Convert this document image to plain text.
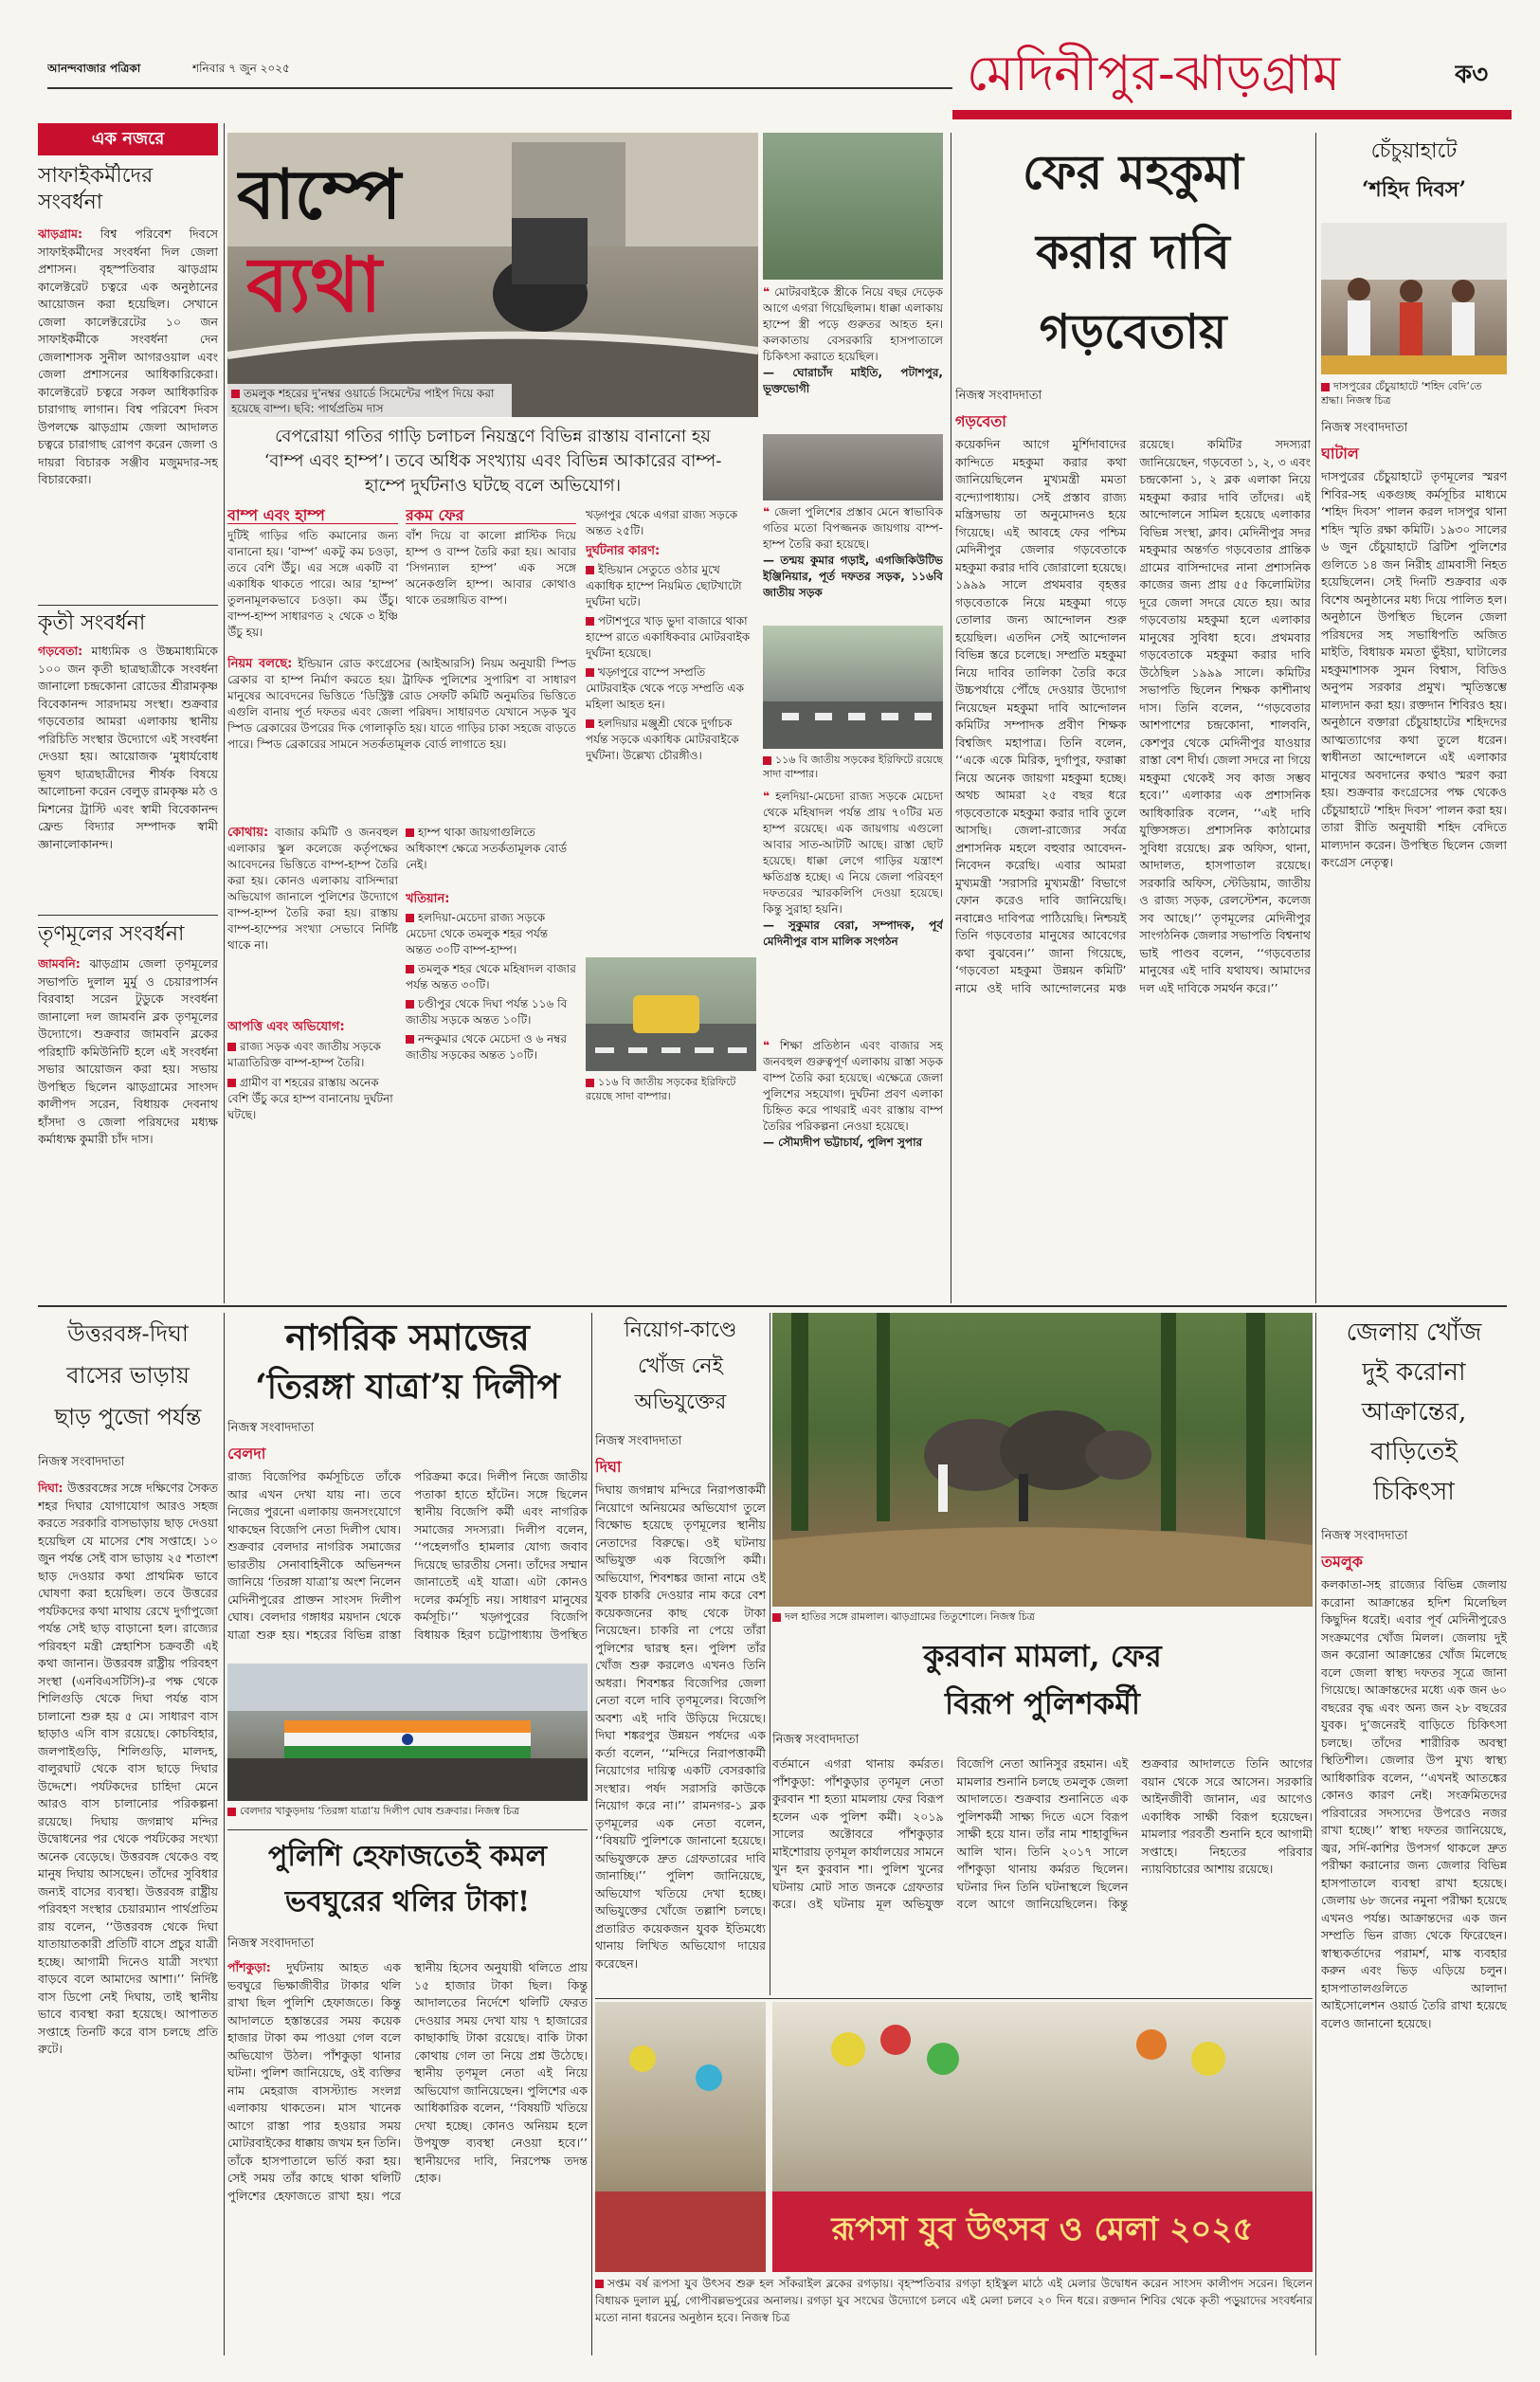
আনন্দবাজার পত্রিকা	শনিবার ৭ জুন ২০২৫	মেদিনীপুর-ঝাড়গ্রাম	ক৩
এক নজরে
সাফাইকর্মীদের সংবর্ধনা
ঝাড়গ্রাম: বিশ্ব পরিবেশ দিবসে সাফাইকর্মীদের সংবর্ধনা দিল জেলা প্রশাসন। বৃহস্পতিবার ঝাড়গ্রাম কালেক্টরেট চত্বরে এক অনুষ্ঠানের আয়োজন করা হয়েছিল। সেখানে জেলা কালেক্টরেটের ১০ জন সাফাইকর্মীকে সংবর্ধনা দেন জেলাশাসক সুনীল আগরওয়াল এবং জেলা প্রশাসনের আধিকারিকেরা। কালেক্টরেট চত্বরে সকল আধিকারিক চারাগাছ লাগান। বিশ্ব পরিবেশ দিবস উপলক্ষে ঝাড়গ্রাম জেলা আদালত চত্বরে চারাগাছ রোপণ করেন জেলা ও দায়রা বিচারক সঞ্জীব মজুমদার-সহ বিচারকেরা।
কৃতী সংবর্ধনা
গড়বেতা: মাধ্যমিক ও উচ্চমাধ্যমিকে ১০০ জন কৃতী ছাত্রছাত্রীকে সংবর্ধনা জানালো চন্দ্রকোনা রোডের শ্রীরামকৃষ্ণ বিবেকানন্দ সারদাময় সংস্থা। শুক্রবার গড়বেতার আমরা এলাকায় স্থানীয় পরিচিতি সংস্থার উদ্যোগে এই সংবর্ধনা দেওয়া হয়। আয়োজক ‘মুধার্যবোধ ভূষণ ছাত্রছাত্রীদের শীর্ষক বিষয়ে আলোচনা করেন বেলুড় রামকৃষ্ণ মঠ ও মিশনের ট্রাস্টি এবং স্বামী বিবেকানন্দ ফ্রেন্ড বিদ্যার সম্পাদক স্বামী জ্ঞানালোকানন্দ।
তৃণমূলের সংবর্ধনা
জামবনি: ঝাড়গ্রাম জেলা তৃণমূলের সভাপতি দুলাল মুর্মু ও চেয়ারপার্সন বিরবাহা সরেন টুডুকে সংবর্ধনা জানালো দল জামবনি ব্লক তৃণমূলের উদ্যোগে। শুক্রবার জামবনি ব্লকের পরিহাটি কমিউনিটি হলে এই সংবর্ধনা সভার আয়োজন করা হয়। সভায় উপস্থিত ছিলেন ঝাড়গ্রামের সাংসদ কালীপদ সরেন, বিধায়ক দেবনাথ হাঁসদা ও জেলা পরিষদের মধ্যক্ষ কর্মাধ্যক্ষ কুমারী চাঁদ দাস।
বাম্পে
ব্যথা
তমলুক শহরের দু'নম্বর ওয়ার্ডে সিমেন্টের পাইপ দিয়ে করা হয়েছে বাম্প। ছবি: পার্থপ্রতিম দাস
❝ মোটরবাইকে স্ত্রীকে নিয়ে বছর দেড়েক আগে এগরা গিয়েছিলাম। ধাক্কা এলাকায় হাম্পে স্ত্রী পড়ে গুরুতর আহত হন। কলকাতায় বেসরকারি হাসপাতালে চিকিৎসা করাতে হয়েছিল।
— ঘোরাচাঁদ মাইতি, পটাশপুর, ভূক্তভোগী
❝ জেলা পুলিশের প্রস্তাব মেনে স্বাভাবিক গতির মতো বিপজ্জনক জায়গায় বাম্প-হাম্প তৈরি করা হয়েছে।
— তন্ময় কুমার গড়াই, এগজিকিউটিভ ইঞ্জিনিয়ার, পূর্ত দফতর সড়ক, ১১৬বি জাতীয় সড়ক
১১৬ বি জাতীয় সড়কের ইরিফিটে রয়েছে সাদা বাম্পার।
❝ হলদিয়া-মেচেদা রাজ্য সড়কে মেচেদা থেকে মহিষাদল পর্যন্ত প্রায় ৭০টির মত হাম্প রয়েছে। এক জায়গায় এগুলো আবার সাত-আটটি আছে। রাস্তা ছোট হয়েছে। ধাক্কা লেগে গাড়ির যন্ত্রাংশ ক্ষতিগ্রস্ত হচ্ছে। এ নিয়ে জেলা পরিবহণ দফতরের স্মারকলিপি দেওয়া হয়েছে। কিন্তু সুরাহা হয়নি।
— সুকুমার বেরা, সম্পাদক, পূর্ব মেদিনীপুর বাস মালিক সংগঠন
❝ শিক্ষা প্রতিষ্ঠান এবং বাজার সহ জনবহুল গুরুত্বপূর্ণ এলাকায় রাস্তা সড়ক বাম্প তৈরি করা হয়েছে। এক্ষেত্রে জেলা পুলিশের সহযোগ। দুর্ঘটনা প্রবণ এলাকা চিহ্নিত করে পাথরাই এবং রাস্তায় বাম্প তৈরির পরিকল্পনা নেওয়া হয়েছে।
— সৌম্যদীপ ভট্টাচার্য, পুলিশ সুপার
বেপরোয়া গতির গাড়ি চলাচল নিয়ন্ত্রণে বিভিন্ন রাস্তায় বানানো হয় ‘বাম্প এবং হাম্প’। তবে অধিক সংখ্যায় এবং বিভিন্ন আকারের বাম্প-হাম্পে দুর্ঘটনাও ঘটছে বলে অভিযোগ।
বাম্প এবং হাম্প
দুটিই গাড়ির গতি কমানোর জন্য বানানো হয়। ‘বাম্প’ একটু কম চওড়া, তবে বেশি উঁচু। এর সঙ্গে একটি বা একাধিক থাকতে পারে। আর ‘হাম্প’ তুলনামূলকভাবে চওড়া। কম উঁচু। বাম্প-হাম্প সাধারণত ২ থেকে ৩ ইঞ্চি উঁচু হয়।
রকম ফের
বাঁশ দিয়ে বা কালো প্লাস্টিক দিয়ে হাম্প ও বাম্প তৈরি করা হয়। আবার ‘সিগন্যাল হাম্প’ এক সঙ্গে অনেকগুলি হাম্প। আবার কোথাও থাকে তরঙ্গায়িত বাম্প।
নিয়ম বলছে: ইন্ডিয়ান রোড কংগ্রেসের (আইআরসি) নিয়ম অনুযায়ী স্পিড ব্রেকার বা হাম্প নির্মাণ করতে হয়। ট্রাফিক পুলিশের সুপারিশ বা সাধারণ মানুষের আবেদনের ভিত্তিতে ‘ডিস্ট্রিক্ট রোড সেফটি কমিটি অনুমতির ভিত্তিতে এগুলি বানায় পূর্ত দফতর এবং জেলা পরিষদ। সাধারণত যেখানে সড়ক খুব স্পিড ব্রেকারের উপরের দিক গোলাকৃতি হয়। যাতে গাড়ির চাকা সহজে বাড়তে পারে। স্পিড ব্রেকারের সামনে সতর্কতামূলক বোর্ড লাগাতে হয়।
কোথায়: বাজার কমিটি ও জনবহুল এলাকার স্কুল কলেজে কর্তৃপক্ষের আবেদনের ভিত্তিতে বাম্প-হাম্প তৈরি করা হয়। কোনও এলাকায় বাসিন্দারা অভিযোগ জানালে পুলিশের উদ্যোগে বাম্প-হাম্প তৈরি করা হয়। রাস্তায় বাম্প-হাম্পের সংখ্যা সেভাবে নির্দিষ্ট থাকে না।
আপত্তি এবং অভিযোগ:
রাজ্য সড়ক এবং জাতীয় সড়কে মাত্রাতিরিক্ত বাম্প-হাম্প তৈরি।
গ্রামীণ বা শহরের রাস্তায় অনেক বেশি উঁচু করে হাম্প বানানোয় দুর্ঘটনা ঘটছে।
হাম্প থাকা জায়গাগুলিতে অধিকাংশ ক্ষেত্রে সতর্কতামূলক বোর্ড নেই।
খতিয়ান:
হলদিয়া-মেচেদা রাজ্য সড়কে মেচেদা থেকে তমলুক শহর পর্যন্ত অন্তত ৩০টি বাম্প-হাম্প।
তমলুক শহর থেকে মহিষাদল বাজার পর্যন্ত অন্তত ৩০টি।
চণ্ডীপুর থেকে দিঘা পর্যন্ত ১১৬ বি জাতীয় সড়কে অন্তত ১০টি।
নন্দকুমার থেকে মেচেদা ও ৬ নম্বর জাতীয় সড়কের অন্তত ১০টি।
খড়্গপুর থেকে এগরা রাজ্য সড়কে অন্তত ২৫টি।
দুর্ঘটনার কারণ:
ইন্ডিয়ান সেতুতে ওঠার মুখে একাধিক হাম্পে নিয়মিত ছোটখাটো দুর্ঘটনা ঘটে।
পটাশপুরে খাড় ভুদা বাজারে থাকা হাম্পে রাতে একাধিকবার মোটরবাইক দুর্ঘটনা হয়েছে।
খড়্গপুরে বাম্পে সম্প্রতি মোটরবাইক থেকে পড়ে সম্প্রতি এক মহিলা আহত হন।
হলদিয়ার মঞ্জুশ্রী থেকে দুর্গাচক পর্যন্ত সড়কে একাধিক মোটরবাইকে দুর্ঘটনা। উল্লেখ্য চৌরঙ্গীও।
১১৬ বি জাতীয় সড়কের ইরিফিটে রয়েছে সাদা বাম্পার।
ফের মহকুমা
করার দাবি
গড়বেতায়
নিজস্ব সংবাদদাতা
গড়বেতা
কয়েকদিন আগে মুর্শিদাবাদের কান্দিতে মহকুমা করার কথা জানিয়েছিলেন মুখ্যমন্ত্রী মমতা বন্দ্যোপাধ্যায়। সেই প্রস্তাব রাজ্য মন্ত্রিসভায় তা অনুমোদনও হয়ে গিয়েছে। এই আবহে ফের পশ্চিম মেদিনীপুর জেলার গড়বেতাকে মহকুমা করার দাবি জোরালো হয়েছে। ১৯৯৯ সালে প্রথমবার বৃহত্তর গড়বেতাকে নিয়ে মহকুমা গড়ে তোলার জন্য আন্দোলন শুরু হয়েছিল। এতদিন সেই আন্দোলন বিভিন্ন স্তরে চলেছে। সম্প্রতি মহকুমা নিয়ে দাবির তালিকা তৈরি করে উচ্চপর্যায়ে পৌঁছে দেওয়ার উদ্যোগ নিয়েছেন মহকুমা দাবি আন্দোলন কমিটির সম্পাদক প্রবীণ শিক্ষক বিশ্বজিৎ মহাপাত্র। তিনি বলেন, ‘‘একে একে মিরিক, দুর্গাপুর, ফরাক্কা নিয়ে অনেক জায়গা মহকুমা হচ্ছে। অথচ আমরা ২৫ বছর ধরে গড়বেতাকে মহকুমা করার দাবি তুলে আসছি। জেলা-রাজ্যের সর্বত্র প্রশাসনিক মহলে বহুবার আবেদন-নিবেদন করেছি। এবার আমরা মুখ্যমন্ত্রী ‘সরাসরি মুখ্যমন্ত্রী’ বিভাগে ফোন করেও দাবি জানিয়েছি। নবান্নেও দাবিপত্র পাঠিয়েছি। নিশ্চয়ই তিনি গড়বেতার মানুষের আবেগের কথা বুঝবেন।’’ জানা গিয়েছে, ‘গড়বেতা মহকুমা উন্নয়ন কমিটি’ নামে ওই দাবি আন্দোলনের মঞ্চ রয়েছে। কমিটির সদস্যরা জানিয়েছেন, গড়বেতা ১, ২, ৩ এবং চন্দ্রকোনা ১, ২ ব্লক এলাকা নিয়ে মহকুমা করার দাবি তাঁদের। এই আন্দোলনে সামিল হয়েছে এলাকার বিভিন্ন সংস্থা, ক্লাব। মেদিনীপুর সদর মহকুমার অন্তর্গত গড়বেতার প্রান্তিক গ্রামের বাসিন্দাদের নানা প্রশাসনিক কাজের জন্য প্রায় ৫৫ কিলোমিটার দূরে জেলা সদরে যেতে হয়। আর গড়বেতায় মহকুমা হলে এলাকার মানুষের সুবিধা হবে। প্রথমবার গড়বেতাকে মহকুমা করার দাবি উঠেছিল ১৯৯৯ সালে। কমিটির সভাপতি ছিলেন শিক্ষক কাশীনাথ দাস। তিনি বলেন, ‘‘গড়বেতার আশপাশের চন্দ্রকোনা, শালবনি, কেশপুর থেকে মেদিনীপুর যাওয়ার রাস্তা বেশ দীর্ঘ। জেলা সদরে না গিয়ে মহকুমা থেকেই সব কাজ সম্ভব হবে।’’ এলাকার এক প্রশাসনিক আধিকারিক বলেন, ‘‘এই দাবি যুক্তিসঙ্গত। প্রশাসনিক কাঠামোর সুবিধা রয়েছে। ব্লক অফিস, থানা, আদালত, হাসপাতাল রয়েছে। সরকারি অফিস, স্টেডিয়াম, জাতীয় ও রাজ্য সড়ক, রেলস্টেশন, কলেজ সব আছে।’’ তৃণমূলের মেদিনীপুর সাংগঠনিক জেলার সভাপতি বিশ্বনাথ ভাই পাণ্ডব বলেন, ‘‘গড়বেতার মানুষের এই দাবি যথাযথ। আমাদের দল এই দাবিকে সমর্থন করে।’’
চেঁচুয়াহাটে
‘শহিদ দিবস’
দাসপুরের চেঁচুয়াহাটে ‘শহিদ বেদি’তে শ্রদ্ধা। নিজস্ব চিত্র
নিজস্ব সংবাদদাতা
ঘাটাল
দাসপুরের চেঁচুয়াহাটে তৃণমূলের স্মরণ শিবির-সহ একগুচ্ছ কর্মসূচির মাধ্যমে ‘শহিদ দিবস’ পালন করল দাসপুর থানা শহিদ স্মৃতি রক্ষা কমিটি। ১৯৩০ সালের ৬ জুন চেঁচুয়াহাটে ব্রিটিশ পুলিশের গুলিতে ১৪ জন নিরীহ গ্রামবাসী নিহত হয়েছিলেন। সেই দিনটি শুক্রবার এক বিশেষ অনুষ্ঠানের মধ্য দিয়ে পালিত হল। অনুষ্ঠানে উপস্থিত ছিলেন জেলা পরিষদের সহ সভাধিপতি অজিত মাইতি, বিধায়ক মমতা ভুঁইয়া, ঘাটালের মহকুমাশাসক সুমন বিশ্বাস, বিডিও অনুপম সরকার প্রমুখ। স্মৃতিস্তম্ভে মাল্যদান করা হয়। রক্তদান শিবিরও হয়। অনুষ্ঠানে বক্তারা চেঁচুয়াহাটের শহিদদের আত্মত্যাগের কথা তুলে ধরেন। স্বাধীনতা আন্দোলনে এই এলাকার মানুষের অবদানের কথাও স্মরণ করা হয়। শুক্রবার কংগ্রেসের পক্ষ থেকেও চেঁচুয়াহাটে ‘শহিদ দিবস’ পালন করা হয়। তারা রীতি অনুযায়ী শহিদ বেদিতে মাল্যদান করেন। উপস্থিত ছিলেন জেলা কংগ্রেস নেতৃত্ব।
উত্তরবঙ্গ-দিঘা
বাসের ভাড়ায়
ছাড় পুজো পর্যন্ত
নিজস্ব সংবাদদাতা
দিঘা: উত্তরবঙ্গের সঙ্গে দক্ষিণের সৈকত শহর দিঘার যোগাযোগ আরও সহজ করতে সরকারি বাসভাড়ায় ছাড় দেওয়া হয়েছিল যে মাসের শেষ সপ্তাহে। ১০ জুন পর্যন্ত সেই বাস ভাড়ায় ২৫ শতাংশ ছাড় দেওয়ার কথা প্রাথমিক ভাবে ঘোষণা করা হয়েছিল। তবে উত্তরের পর্যটকদের কথা মাথায় রেখে দুর্গাপুজো পর্যন্ত সেই ছাড় বাড়ানো হল। রাজ্যের পরিবহণ মন্ত্রী স্নেহাশিস চক্রবর্তী এই কথা জানান। উত্তরবঙ্গ রাষ্ট্রীয় পরিবহণ সংস্থা (এনবিএসটিসি)-র পক্ষ থেকে শিলিগুড়ি থেকে দিঘা পর্যন্ত বাস চালানো শুরু হয় ৫ মে। সাধারণ বাস ছাড়াও এসি বাস রয়েছে। কোচবিহার, জলপাইগুড়ি, শিলিগুড়ি, মালদহ, বালুরঘাট থেকে বাস ছাড়ে দিঘার উদ্দেশে। পর্যটকদের চাহিদা মেনে আরও বাস চালানোর পরিকল্পনা রয়েছে। দিঘায় জগন্নাথ মন্দির উদ্বোধনের পর থেকে পর্যটকের সংখ্যা অনেক বেড়েছে। উত্তরবঙ্গ থেকেও বহু মানুষ দিঘায় আসছেন। তাঁদের সুবিধার জন্যই বাসের ব্যবস্থা। উত্তরবঙ্গ রাষ্ট্রীয় পরিবহণ সংস্থার চেয়ারম্যান পার্থপ্রতিম রায় বলেন, ‘‘উত্তরবঙ্গ থেকে দিঘা যাতায়াতকারী প্রতিটি বাসে প্রচুর যাত্রী হচ্ছে। আগামী দিনেও যাত্রী সংখ্যা বাড়বে বলে আমাদের আশা।’’ নির্দিষ্ট বাস ডিপো নেই দিঘায়, তাই স্থানীয় ভাবে ব্যবস্থা করা হয়েছে। আপাতত সপ্তাহে তিনটি করে বাস চলছে প্রতি রুটে।
নাগরিক সমাজের
‘তিরঙ্গা যাত্রা’য় দিলীপ
নিজস্ব সংবাদদাতা
বেলদা
রাজ্য বিজেপির কর্মসূচিতে তাঁকে আর এখন দেখা যায় না। তবে নিজের পুরনো এলাকায় জনসংযোগে থাকছেন বিজেপি নেতা দিলীপ ঘোষ। শুক্রবার বেলদার নাগরিক সমাজের ভারতীয় সেনাবাহিনীকে অভিনন্দন জানিয়ে ‘তিরঙ্গা যাত্রা’য় অংশ নিলেন মেদিনীপুরের প্রাক্তন সাংসদ দিলীপ ঘোষ। বেলদার গঙ্গাধর ময়দান থেকে যাত্রা শুরু হয়। শহরের বিভিন্ন রাস্তা পরিক্রমা করে। দিলীপ নিজে জাতীয় পতাকা হাতে হাঁটেন। সঙ্গে ছিলেন স্থানীয় বিজেপি কর্মী এবং নাগরিক সমাজের সদস্যরা। দিলীপ বলেন, ‘‘পহেলগাঁও হামলার যোগ্য জবাব দিয়েছে ভারতীয় সেনা। তাঁদের সম্মান জানাতেই এই যাত্রা। এটা কোনও দলের কর্মসূচি নয়। সাধারণ মানুষের কর্মসূচি।’’ খড়্গপুরের বিজেপি বিধায়ক হিরণ চট্টোপাধ্যায় উপস্থিত
বেলদার খাকুড়দায় ‘তিরঙ্গা যাত্রা’য় দিলীপ ঘোষ শুক্রবার। নিজস্ব চিত্র
পুলিশি হেফাজতেই কমল
ভবঘুরের থলির টাকা!
নিজস্ব সংবাদদাতা
পাঁশকুড়া: দুর্ঘটনায় আহত এক ভবঘুরে ভিক্ষাজীবীর টাকার থলি রাখা ছিল পুলিশি হেফাজতে। কিন্তু আদালতে হস্তান্তরের সময় কয়েক হাজার টাকা কম পাওয়া গেল বলে অভিযোগ উঠল। পাঁশকুড়া থানার ঘটনা। পুলিশ জানিয়েছে, ওই ব্যক্তির নাম মেহরাজ বাসস্ট্যান্ড সংলগ্ন এলাকায় থাকতেন। মাস খানেক আগে রাস্তা পার হওয়ার সময় মোটরবাইকের ধাক্কায় জখম হন তিনি। তাঁকে হাসপাতালে ভর্তি করা হয়। সেই সময় তাঁর কাছে থাকা থলিটি পুলিশের হেফাজতে রাখা হয়। পরে স্থানীয় হিসেব অনুযায়ী থলিতে প্রায় ১৫ হাজার টাকা ছিল। কিন্তু আদালতের নির্দেশে থলিটি ফেরত দেওয়ার সময় দেখা যায় ৭ হাজারের কাছাকাছি টাকা রয়েছে। বাকি টাকা কোথায় গেল তা নিয়ে প্রশ্ন উঠেছে। স্থানীয় তৃণমূল নেতা এই নিয়ে অভিযোগ জানিয়েছেন। পুলিশের এক আধিকারিক বলেন, ‘‘বিষয়টি খতিয়ে দেখা হচ্ছে। কোনও অনিয়ম হলে উপযুক্ত ব্যবস্থা নেওয়া হবে।’’ স্থানীয়দের দাবি, নিরপেক্ষ তদন্ত হোক।
নিয়োগ-কাণ্ডে
খোঁজ নেই
অভিযুক্তের
নিজস্ব সংবাদদাতা
দিঘা
দিঘায় জগন্নাথ মন্দিরে নিরাপত্তাকর্মী নিয়োগে অনিয়মের অভিযোগ তুলে বিক্ষোভ হয়েছে তৃণমূলের স্থানীয় নেতাদের বিরুদ্ধে। ওই ঘটনায় অভিযুক্ত এক বিজেপি কর্মী। অভিযোগ, শিবশঙ্কর জানা নামে ওই যুবক চাকরি দেওয়ার নাম করে বেশ কয়েকজনের কাছ থেকে টাকা নিয়েছেন। চাকরি না পেয়ে তাঁরা পুলিশের দ্বারস্থ হন। পুলিশ তাঁর খোঁজ শুরু করলেও এখনও তিনি অধরা। শিবশঙ্কর বিজেপির জেলা নেতা বলে দাবি তৃণমূলের। বিজেপি অবশ্য এই দাবি উড়িয়ে দিয়েছে। দিঘা শঙ্করপুর উন্নয়ন পর্ষদের এক কর্তা বলেন, ‘‘মন্দিরে নিরাপত্তাকর্মী নিয়োগের দায়িত্ব একটি বেসরকারি সংস্থার। পর্ষদ সরাসরি কাউকে নিয়োগ করে না।’’ রামনগর-১ ব্লক তৃণমূলের এক নেতা বলেন, ‘‘বিষয়টি পুলিশকে জানানো হয়েছে। অভিযুক্তকে দ্রুত গ্রেফতারের দাবি জানাচ্ছি।’’ পুলিশ জানিয়েছে, অভিযোগ খতিয়ে দেখা হচ্ছে। অভিযুক্তের খোঁজে তল্লাশি চলছে। প্রতারিত কয়েকজন যুবক ইতিমধ্যে থানায় লিখিত অভিযোগ দায়ের করেছেন।
দল হাতির সঙ্গে রামলাল। ঝাড়গ্রামের তিতুশোলে। নিজস্ব চিত্র
কুরবান মামলা, ফের
বিরূপ পুলিশকর্মী
নিজস্ব সংবাদদাতা
বর্তমানে এগরা থানায় কর্মরত। পাঁশকুড়া: পাঁশকুড়ার তৃণমূল নেতা কুরবান শা হত্যা মামলায় ফের বিরূপ হলেন এক পুলিশ কর্মী। ২০১৯ সালের অক্টোবরে পাঁশকুড়ার মাইশোরায় তৃণমূল কার্যালয়ের সামনে খুন হন কুরবান শা। পুলিশ খুনের ঘটনায় মোট সাত জনকে গ্রেফতার করে। ওই ঘটনায় মূল অভিযুক্ত বিজেপি নেতা আনিসুর রহমান। এই মামলার শুনানি চলছে তমলুক জেলা আদালতে। শুক্রবার শুনানিতে এক পুলিশকর্মী সাক্ষ্য দিতে এসে বিরূপ সাক্ষী হয়ে যান। তাঁর নাম শাহাবুদ্দিন আলি খান। তিনি ২০১৭ সালে পাঁশকুড়া থানায় কর্মরত ছিলেন। ঘটনার দিন তিনি ঘটনাস্থলে ছিলেন বলে আগে জানিয়েছিলেন। কিন্তু শুক্রবার আদালতে তিনি আগের বয়ান থেকে সরে আসেন। সরকারি আইনজীবী জানান, এর আগেও একাধিক সাক্ষী বিরূপ হয়েছেন। মামলার পরবর্তী শুনানি হবে আগামী সপ্তাহে। নিহতের পরিবার ন্যায়বিচারের আশায় রয়েছে।
রূপসা যুব উৎসব ও মেলা ২০২৫
সপ্তম বর্ষ রূপসা যুব উৎসব শুরু হল সাঁকরাইল ব্লকের রগড়ায়। বৃহস্পতিবার রগড়া হাইস্কুল মাঠে এই মেলার উদ্বোধন করেন সাংসদ কালীপদ সরেন। ছিলেন বিধায়ক দুলাল মুর্মু, গোপীবল্লভপুরের অনালয়। রগড়া যুব সংঘের উদ্যোগে চলবে এই মেলা চলবে ২০ দিন ধরে। রক্তদান শিবির থেকে কৃতী পড়ুয়াদের সংবর্ধনার মতো নানা ধরনের অনুষ্ঠান হবে। নিজস্ব চিত্র
জেলায় খোঁজ
দুই করোনা
আক্রান্তের,
বাড়িতেই
চিকিৎসা
নিজস্ব সংবাদদাতা
তমলুক
কলকাতা-সহ রাজ্যের বিভিন্ন জেলায় করোনা আক্রান্তের হদিশ মিলেছিল কিছুদিন ধরেই। এবার পূর্ব মেদিনীপুরেও সংক্রমণের খোঁজ মিলল। জেলায় দুই জন করোনা আক্রান্তের খোঁজ মিলেছে বলে জেলা স্বাস্থ্য দফতর সূত্রে জানা গিয়েছে। আক্রান্তদের মধ্যে এক জন ৬০ বছরের বৃদ্ধ এবং অন্য জন ২৮ বছরের যুবক। দু’জনেরই বাড়িতে চিকিৎসা চলছে। তাঁদের শারীরিক অবস্থা স্থিতিশীল। জেলার উপ মুখ্য স্বাস্থ্য আধিকারিক বলেন, ‘‘এখনই আতঙ্কের কোনও কারণ নেই। সংক্রমিতদের পরিবারের সদস্যদের উপরেও নজর রাখা হচ্ছে।’’ স্বাস্থ্য দফতর জানিয়েছে, জ্বর, সর্দি-কাশির উপসর্গ থাকলে দ্রুত পরীক্ষা করানোর জন্য জেলার বিভিন্ন হাসপাতালে ব্যবস্থা রাখা হয়েছে। জেলায় ৬৮ জনের নমুনা পরীক্ষা হয়েছে এখনও পর্যন্ত। আক্রান্তদের এক জন সম্প্রতি ভিন রাজ্য থেকে ফিরেছেন। স্বাস্থ্যকর্তাদের পরামর্শ, মাস্ক ব্যবহার করুন এবং ভিড় এড়িয়ে চলুন। হাসপাতালগুলিতে আলাদা আইসোলেশন ওয়ার্ড তৈরি রাখা হয়েছে বলেও জানানো হয়েছে।
